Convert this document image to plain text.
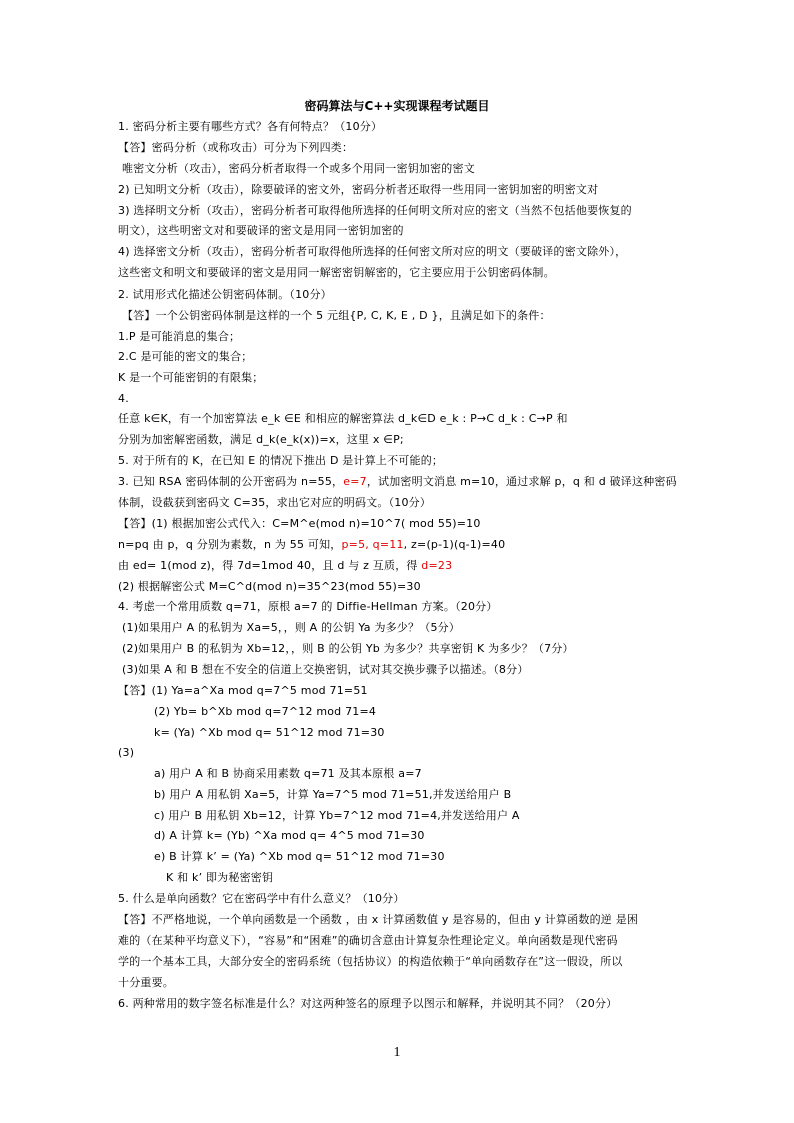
密码算法与C++实现课程考试题目
1. 密码分析主要有哪些方式？各有何特点？（10分）
【答】密码分析（或称攻击）可分为下列四类：
唯密文分析（攻击），密码分析者取得一个或多个用同一密钥加密的密文
2) 已知明文分析（攻击），除要破译的密文外，密码分析者还取得一些用同一密钥加密的明密文对
3) 选择明文分析（攻击），密码分析者可取得他所选择的任何明文所对应的密文（当然不包括他要恢复的
明文），这些明密文对和要破译的密文是用同一密钥加密的
4) 选择密文分析（攻击），密码分析者可取得他所选择的任何密文所对应的明文（要破译的密文除外），
这些密文和明文和要破译的密文是用同一解密密钥解密的，它主要应用于公钥密码体制。
2. 试用形式化描述公钥密码体制。（10分）
【答】一个公钥密码体制是这样的一个 5 元组{P, C, K, E , D }，且满足如下的条件：
1.P 是可能消息的集合；
2.C 是可能的密文的集合；
K 是一个可能密钥的有限集；
4.
任意 k∈K，有一个加密算法 e_k ∈E 和相应的解密算法 d_k∈D e_k : P→C d_k : C→P 和
分别为加密解密函数，满足 d_k(e_k(x))=x，这里 x ∈P;
5. 对于所有的 K，在已知 E 的情况下推出 D 是计算上不可能的；
3. 已知 RSA 密码体制的公开密码为 n=55，e=7，试加密明文消息 m=10，通过求解 p，q 和 d 破译这种密码
体制，设截获到密码文 C=35，求出它对应的明码文。（10分）
【答】(1) 根据加密公式代入：C=M^e(mod n)=10^7( mod 55)=10
n=pq 由 p，q 分别为素数，n 为 55 可知，p=5, q=11, z=(p-1)(q-1)=40
由 ed= 1(mod z)，得 7d=1mod 40，且 d 与 z 互质，得 d=23
(2) 根据解密公式 M=C^d(mod n)=35^23(mod 55)=30
4. 考虑一个常用质数 q=71，原根 a=7 的 Diffie-Hellman 方案。（20分）
(1)如果用户 A 的私钥为 Xa=5，，则 A 的公钥 Ya 为多少？（5分）
(2)如果用户 B 的私钥为 Xb=12，，则 B 的公钥 Yb 为多少？共享密钥 K 为多少？（7分）
(3)如果 A 和 B 想在不安全的信道上交换密钥，试对其交换步骤予以描述。（8分）
【答】(1) Ya=a^Xa mod q=7^5 mod 71=51
(2) Yb= b^Xb mod q=7^12 mod 71=4
k= (Ya) ^Xb mod q= 51^12 mod 71=30
(3)
a) 用户 A 和 B 协商采用素数 q=71 及其本原根 a=7
b) 用户 A 用私钥 Xa=5，计算 Ya=7^5 mod 71=51,并发送给用户 B
c) 用户 B 用私钥 Xb=12，计算 Yb=7^12 mod 71=4,并发送给用户 A
d) A 计算 k= (Yb) ^Xa mod q= 4^5 mod 71=30
e) B 计算 k’ = (Ya) ^Xb mod q= 51^12 mod 71=30
K 和 k’ 即为秘密密钥
5. 什么是单向函数？它在密码学中有什么意义？（10分）
【答】不严格地说，一个单向函数是一个函数 ，由 x 计算函数值 y 是容易的，但由 y 计算函数的逆 是困
难的（在某种平均意义下），“容易”和“困难”的确切含意由计算复杂性理论定义。单向函数是现代密码
学的一个基本工具，大部分安全的密码系统（包括协议）的构造依赖于“单向函数存在”这一假设，所以
十分重要。
6. 两种常用的数字签名标准是什么？对这两种签名的原理予以图示和解释，并说明其不同？（20分）
1
